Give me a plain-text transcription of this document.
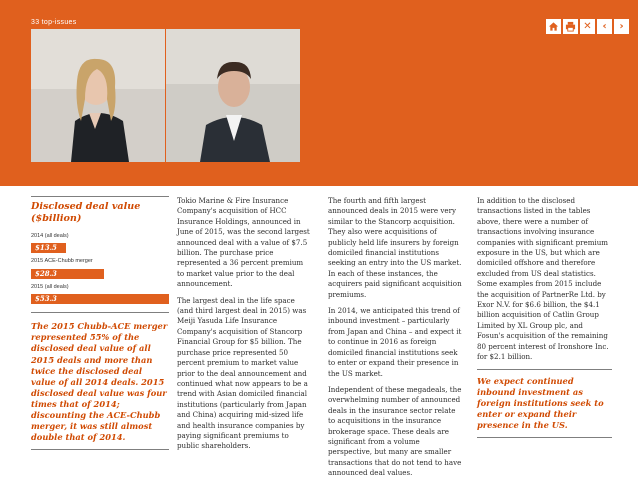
33 top-issues	✕ ‹ ›
Disclosed deal value ($billion)
2014 (all deals)
$13.5
2015 ACE-Chubb merger
$28.3
2015 (all deals)
$53.3

The 2015 Chubb-ACE merger represented 55% of the disclosed deal value of all 2015 deals and more than twice the disclosed deal value of all 2014 deals. 2015 disclosed deal value was four times that of 2014; discounting the ACE-Chubb merger, it was still almost double that of 2014.

Tokio Marine & Fire Insurance Company's acquisition of HCC Insurance Holdings, announced in June of 2015, was the second largest announced deal with a value of $7.5 billion. The purchase price represented a 36 percent premium to market value prior to the deal announcement.

The largest deal in the life space (and third largest deal in 2015) was Meiji Yasuda Life Insurance Company's acquisition of Stancorp Financial Group for $5 billion. The purchase price represented 50 percent premium to market value prior to the deal announcement and continued what now appears to be a trend with Asian domiciled financial institutions (particularly from Japan and China) acquiring mid-sized life and health insurance companies by paying significant premiums to public shareholders.

The fourth and fifth largest announced deals in 2015 were very similar to the Stancorp acquisition. They also were acquisitions of publicly held life insurers by foreign domiciled financial institutions seeking an entry into the US market. In each of these instances, the acquirers paid significant acquisition premiums.

In 2014, we anticipated this trend of inbound investment – particularly from Japan and China – and expect it to continue in 2016 as foreign domiciled financial institutions seek to enter or expand their presence in the US market.

Independent of these megadeals, the overwhelming number of announced deals in the insurance sector relate to acquisitions in the insurance brokerage space. These deals are significant from a volume perspective, but many are smaller transactions that do not tend to have announced deal values.

In addition to the disclosed transactions listed in the tables above, there were a number of transactions involving insurance companies with significant premium exposure in the US, but which are domiciled offshore and therefore excluded from US deal statistics. Some examples from 2015 include the acquisition of PartnerRe Ltd. by Exor N.V. for $6.6 billion, the $4.1 billion acquisition of Catlin Group Limited by XL Group plc, and Fosun's acquisition of the remaining 80 percent interest of Ironshore Inc. for $2.1 billion.

We expect continued inbound investment as foreign institutions seek to enter or expand their presence in the US.
